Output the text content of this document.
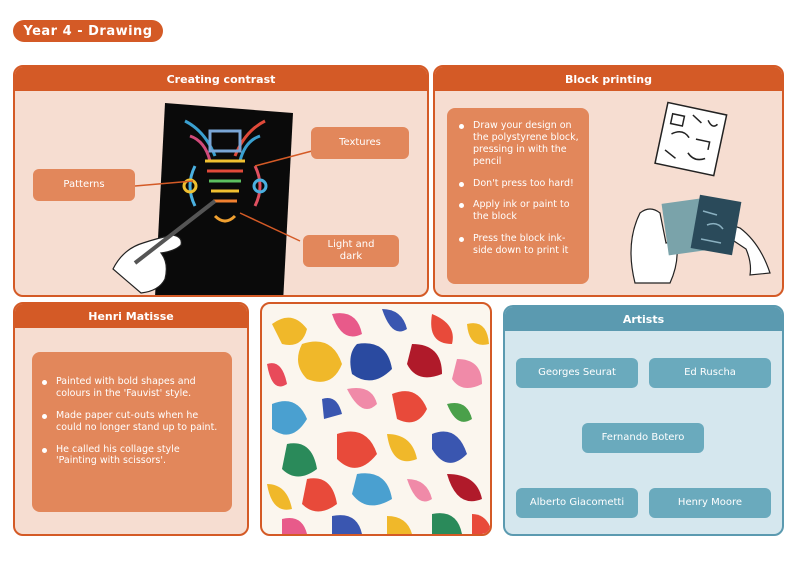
Year 4 - Drawing
Creating contrast
Patterns
Textures
Light and dark
Block printing
Draw your design on the polystyrene block, pressing in with the pencil
Don't press too hard!
Apply ink or paint to the block
Press the block ink-side down to print it
Henri Matisse
Painted with bold shapes and colours in the 'Fauvist' style.
Made paper cut-outs when he could no longer stand up to paint.
He called his collage style 'Painting with scissors'.
Artists
Georges Seurat	Ed Ruscha
Fernando Botero
Alberto Giacometti	Henry Moore
